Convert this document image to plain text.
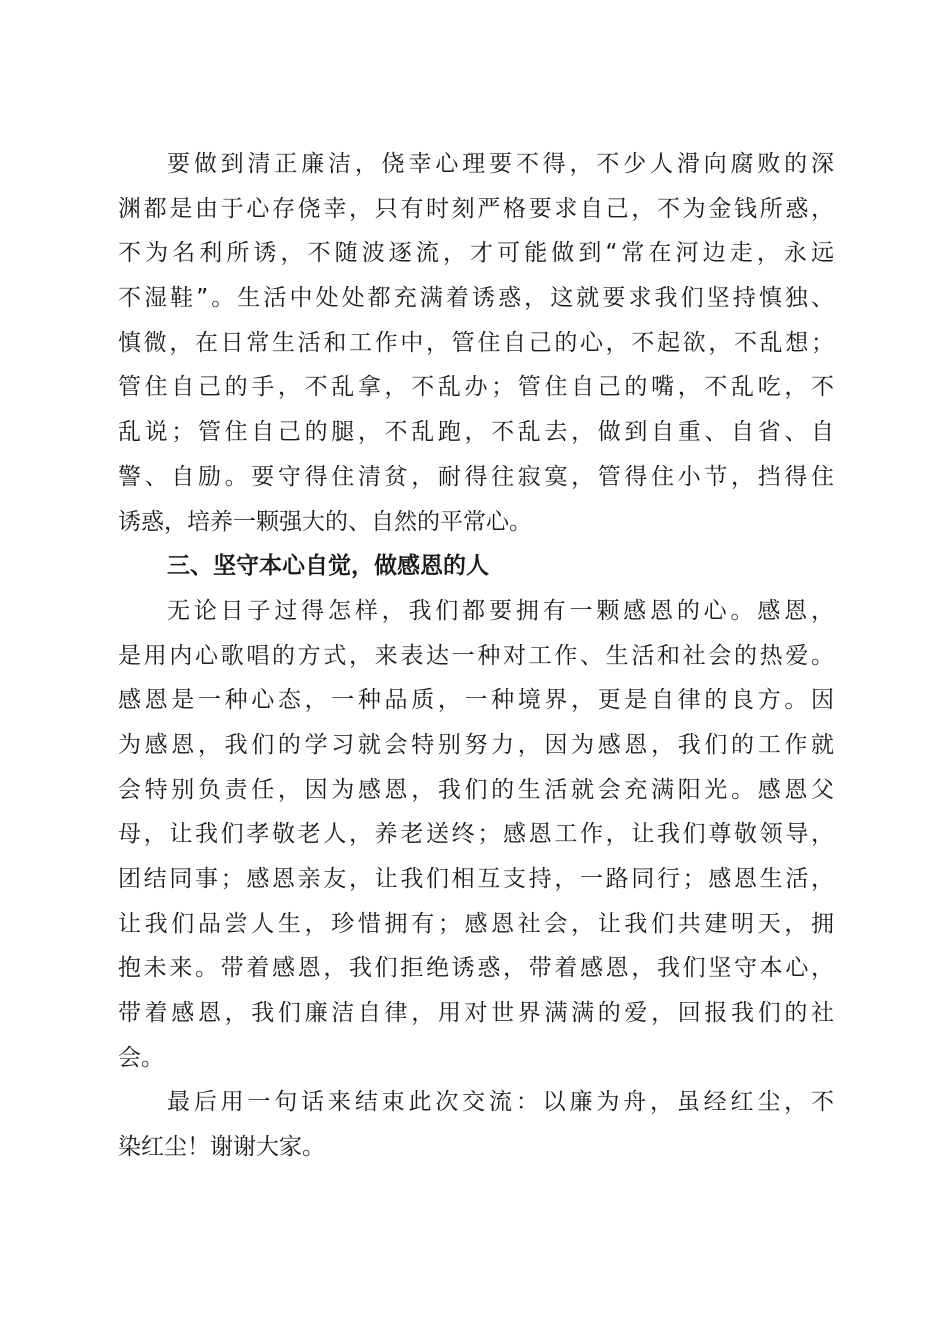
要做到清正廉洁，侥幸心理要不得，不少人滑向腐败的深
渊都是由于心存侥幸，只有时刻严格要求自己，不为金钱所惑，
不为名利所诱，不随波逐流，才可能做到“常在河边走，永远
不湿鞋”。生活中处处都充满着诱惑，这就要求我们坚持慎独、
慎微，在日常生活和工作中，管住自己的心，不起欲，不乱想；
管住自己的手，不乱拿，不乱办；管住自己的嘴，不乱吃，不
乱说；管住自己的腿，不乱跑，不乱去，做到自重、自省、自
警、自励。要守得住清贫，耐得往寂寞，管得住小节，挡得住
诱惑，培养一颗强大的、自然的平常心。
三、坚守本心自觉，做感恩的人
无论日子过得怎样，我们都要拥有一颗感恩的心。感恩，
是用内心歌唱的方式，来表达一种对工作、生活和社会的热爱。
感恩是一种心态，一种品质，一种境界，更是自律的良方。因
为感恩，我们的学习就会特别努力，因为感恩，我们的工作就
会特别负责任，因为感恩，我们的生活就会充满阳光。感恩父
母，让我们孝敬老人，养老送终；感恩工作，让我们尊敬领导，
团结同事；感恩亲友，让我们相互支持，一路同行；感恩生活，
让我们品尝人生，珍惜拥有；感恩社会，让我们共建明天，拥
抱未来。带着感恩，我们拒绝诱惑，带着感恩，我们坚守本心，
带着感恩，我们廉洁自律，用对世界满满的爱，回报我们的社
会。
最后用一句话来结束此次交流：以廉为舟，虽经红尘，不
染红尘！谢谢大家。
